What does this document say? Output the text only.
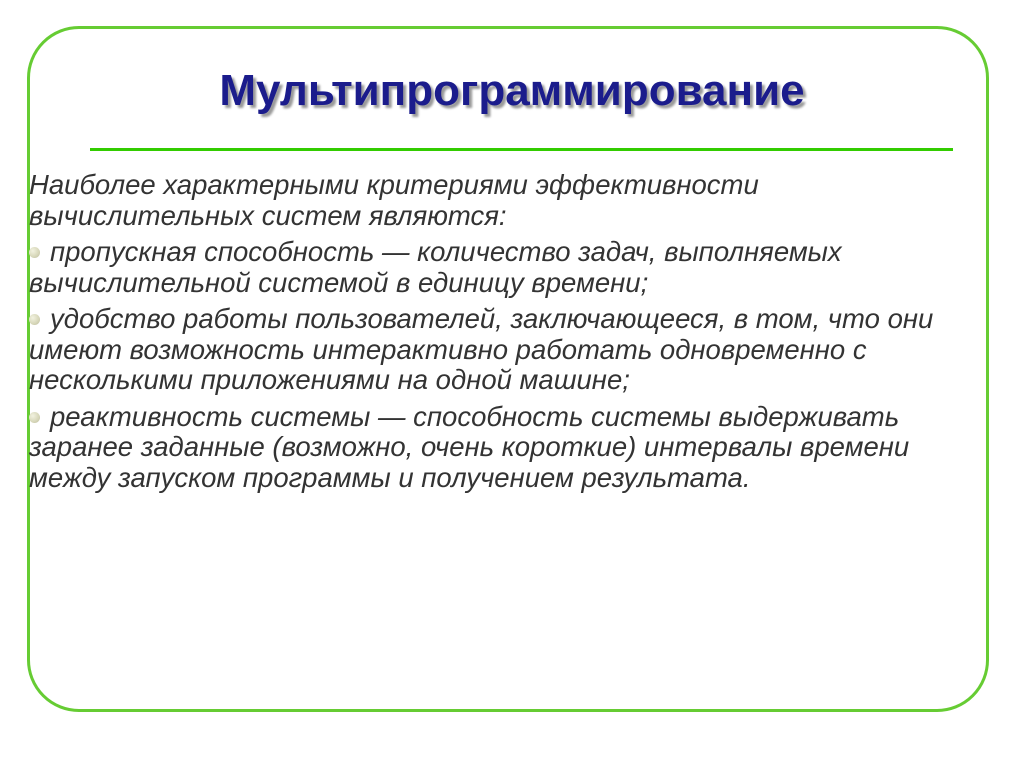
Мультипрограммирование

Наиболее характерными критериями эффективности вычислительных систем являются:

пропускная способность — количество задач, выполняемых вычислительной системой в единицу времени;

удобство работы пользователей, заключающееся, в том, что они имеют возможность интерактивно работать одновременно с несколькими приложениями на одной машине;

реактивность системы — способность системы выдерживать заранее заданные (возможно, очень короткие) интервалы времени между запуском программы и получением результата.
